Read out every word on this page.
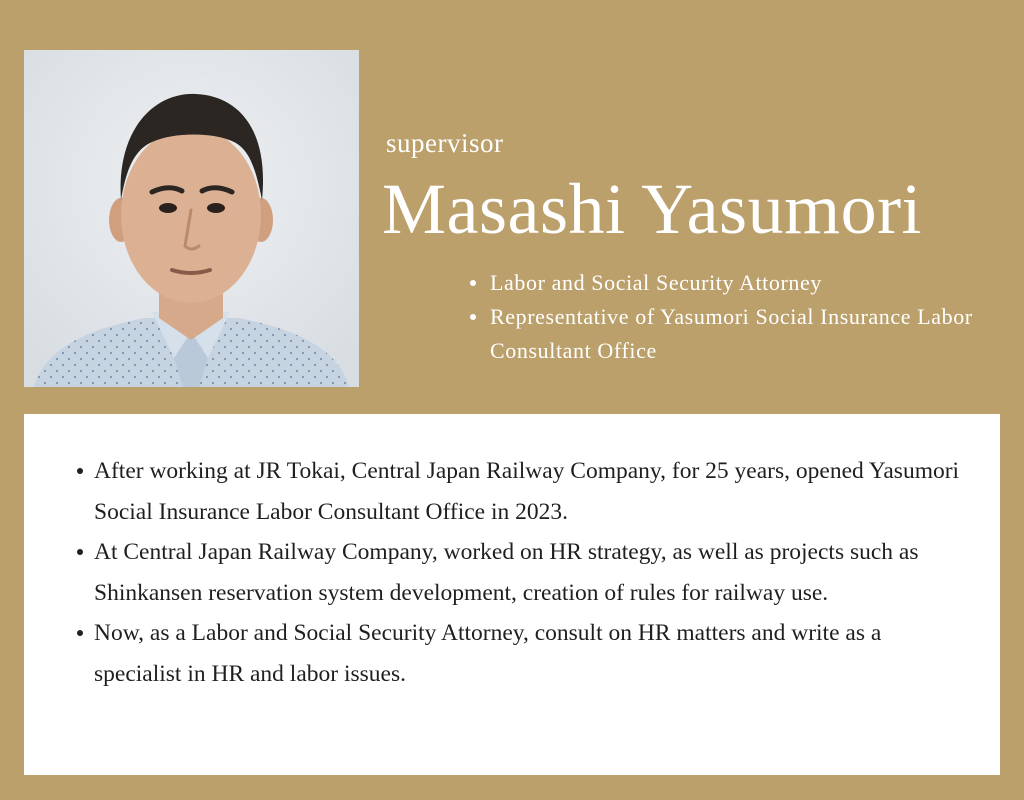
supervisor
Masashi Yasumori
Labor and Social Security Attorney
Representative of Yasumori Social Insurance Labor Consultant Office
After working at JR Tokai, Central Japan Railway Company, for 25 years, opened Yasumori Social Insurance Labor Consultant Office in 2023.
At Central Japan Railway Company, worked on HR strategy, as well as projects such as Shinkansen reservation system development, creation of rules for railway use.
Now, as a Labor and Social Security Attorney, consult on HR matters and write as a specialist in HR and labor issues.
